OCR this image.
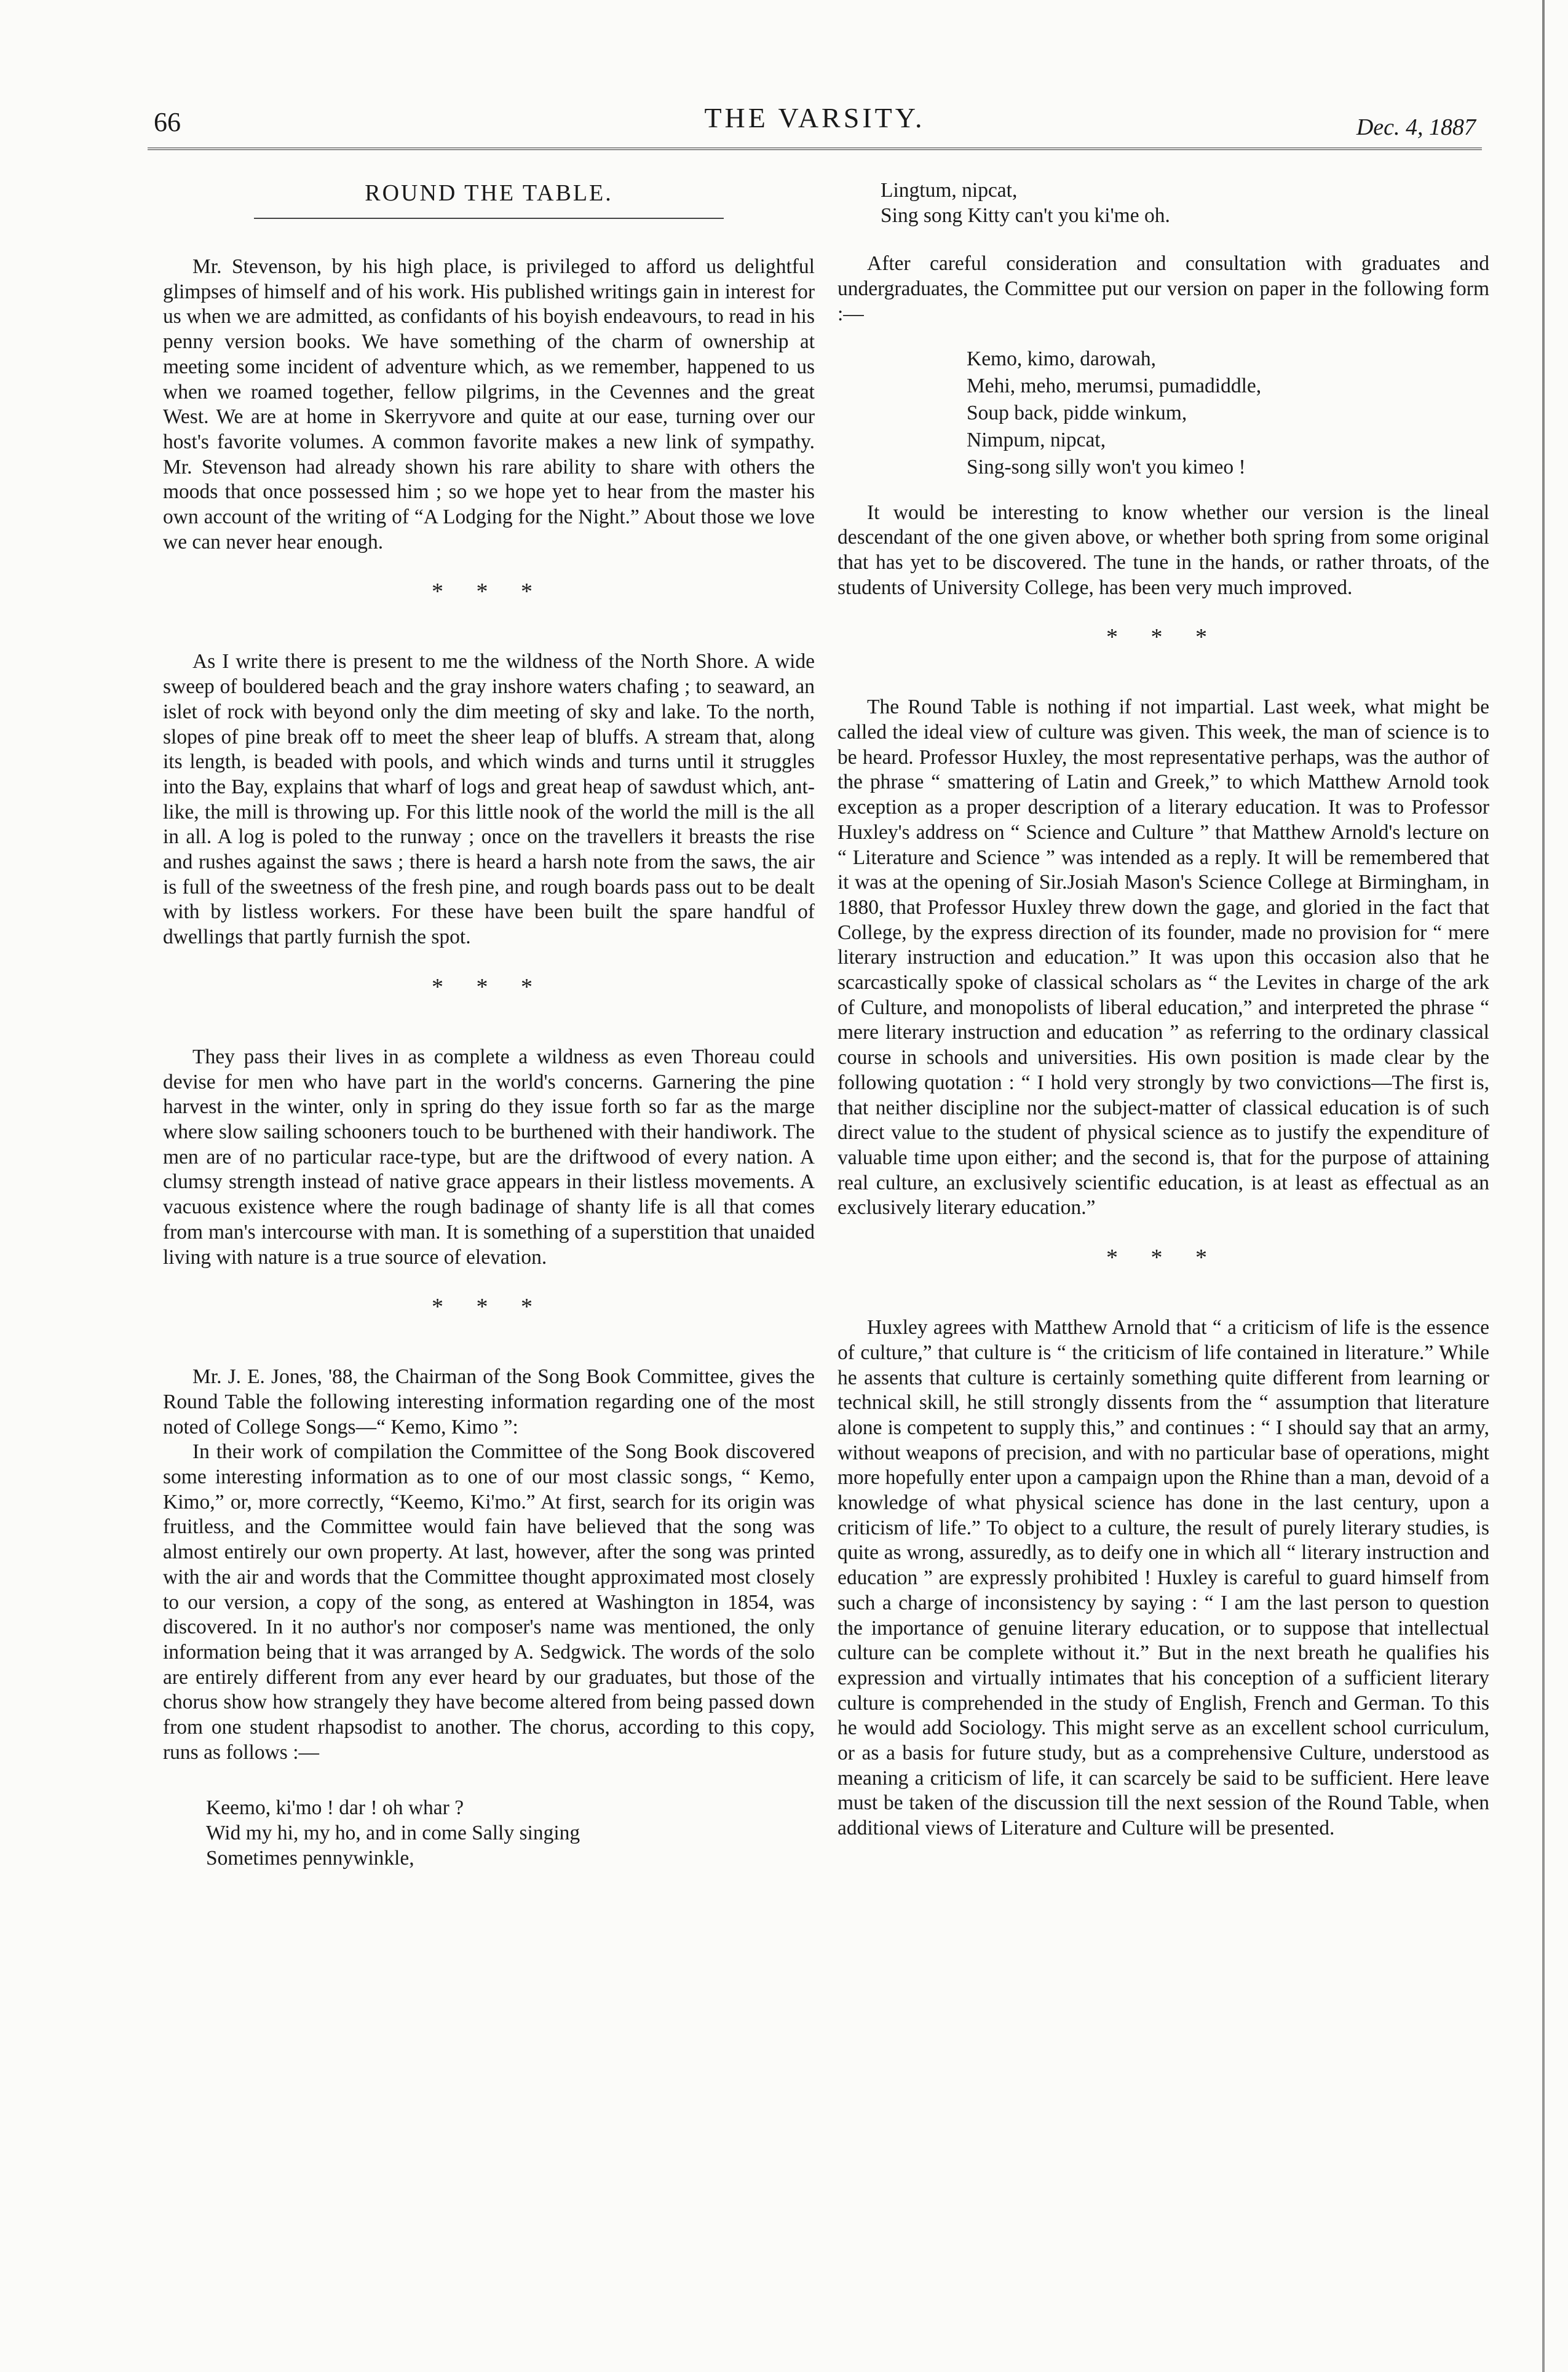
66	THE VARSITY.	Dec. 4, 1887
ROUND THE TABLE.

Mr. Stevenson, by his high place, is privileged to afford us delightful glimpses of himself and of his work. His published writings gain in interest for us when we are admitted, as confidants of his boyish endeavours, to read in his penny version books. We have something of the charm of ownership at meeting some incident of adventure which, as we remember, happened to us when we roamed together, fellow pilgrims, in the Cevennes and the great West. We are at home in Skerryvore and quite at our ease, turning over our host's favorite volumes. A common favorite makes a new link of sympathy. Mr. Stevenson had already shown his rare ability to share with others the moods that once possessed him ; so we hope yet to hear from the master his own account of the writing of “A Lodging for the Night.” About those we love we can never hear enough.

* * *

As I write there is present to me the wildness of the North Shore. A wide sweep of bouldered beach and the gray inshore waters chafing ; to seaward, an islet of rock with beyond only the dim meeting of sky and lake. To the north, slopes of pine break off to meet the sheer leap of bluffs. A stream that, along its length, is beaded with pools, and which winds and turns until it struggles into the Bay, explains that wharf of logs and great heap of sawdust which, ant-like, the mill is throwing up. For this little nook of the world the mill is the all in all. A log is poled to the runway ; once on the travellers it breasts the rise and rushes against the saws ; there is heard a harsh note from the saws, the air is full of the sweetness of the fresh pine, and rough boards pass out to be dealt with by listless workers. For these have been built the spare handful of dwellings that partly furnish the spot.

* * *

They pass their lives in as complete a wildness as even Thoreau could devise for men who have part in the world's concerns. Garnering the pine harvest in the winter, only in spring do they issue forth so far as the marge where slow sailing schooners touch to be burthened with their handiwork. The men are of no particular race-type, but are the driftwood of every nation. A clumsy strength instead of native grace appears in their listless movements. A vacuous existence where the rough badinage of shanty life is all that comes from man's intercourse with man. It is something of a superstition that unaided living with nature is a true source of elevation.

* * *

Mr. J. E. Jones, '88, the Chairman of the Song Book Committee, gives the Round Table the following interesting information regarding one of the most noted of College Songs—“ Kemo, Kimo ”:

In their work of compilation the Committee of the Song Book discovered some interesting information as to one of our most classic songs, “ Kemo, Kimo,” or, more correctly, “Keemo, Ki'mo.” At first, search for its origin was fruitless, and the Committee would fain have believed that the song was almost entirely our own property. At last, however, after the song was printed with the air and words that the Committee thought approximated most closely to our version, a copy of the song, as entered at Washington in 1854, was discovered. In it no author's nor composer's name was mentioned, the only information being that it was arranged by A. Sedgwick. The words of the solo are entirely different from any ever heard by our graduates, but those of the chorus show how strangely they have become altered from being passed down from one student rhapsodist to another. The chorus, according to this copy, runs as follows :—

Keemo, ki'mo ! dar ! oh whar ?
Wid my hi, my ho, and in come Sally singing
Sometimes pennywinkle,
Lingtum, nipcat,
Sing song Kitty can't you ki'me oh.

After careful consideration and consultation with graduates and undergraduates, the Committee put our version on paper in the following form :—

Kemo, kimo, darowah,
Mehi, meho, merumsi, pumadiddle,
Soup back, pidde winkum,
Nimpum, nipcat,
Sing-song silly won't you kimeo !

It would be interesting to know whether our version is the lineal descendant of the one given above, or whether both spring from some original that has yet to be discovered. The tune in the hands, or rather throats, of the students of University College, has been very much improved.

* * *

The Round Table is nothing if not impartial. Last week, what might be called the ideal view of culture was given. This week, the man of science is to be heard. Professor Huxley, the most representative perhaps, was the author of the phrase “ smattering of Latin and Greek,” to which Matthew Arnold took exception as a proper description of a literary education. It was to Professor Huxley's address on “ Science and Culture ” that Matthew Arnold's lecture on “ Literature and Science ” was intended as a reply. It will be remembered that it was at the opening of Sir.Josiah Mason's Science College at Birmingham, in 1880, that Professor Huxley threw down the gage, and gloried in the fact that College, by the express direction of its founder, made no provision for “ mere literary instruction and education.” It was upon this occasion also that he scarcastically spoke of classical scholars as “ the Levites in charge of the ark of Culture, and monopolists of liberal education,” and interpreted the phrase “ mere literary instruction and education ” as referring to the ordinary classical course in schools and universities. His own position is made clear by the following quotation : “ I hold very strongly by two convictions—The first is, that neither discipline nor the subject-matter of classical education is of such direct value to the student of physical science as to justify the expenditure of valuable time upon either; and the second is, that for the purpose of attaining real culture, an exclusively scientific education, is at least as effectual as an exclusively literary education.”

* * *

Huxley agrees with Matthew Arnold that “ a criticism of life is the essence of culture,” that culture is “ the criticism of life contained in literature.” While he assents that culture is certainly something quite different from learning or technical skill, he still strongly dissents from the “ assumption that literature alone is competent to supply this,” and continues : “ I should say that an army, without weapons of precision, and with no particular base of operations, might more hopefully enter upon a campaign upon the Rhine than a man, devoid of a knowledge of what physical science has done in the last century, upon a criticism of life.” To object to a culture, the result of purely literary studies, is quite as wrong, assuredly, as to deify one in which all “ literary instruction and education ” are expressly prohibited ! Huxley is careful to guard himself from such a charge of inconsistency by saying : “ I am the last person to question the importance of genuine literary education, or to suppose that intellectual culture can be complete without it.” But in the next breath he qualifies his expression and virtually intimates that his conception of a sufficient literary culture is comprehended in the study of English, French and German. To this he would add Sociology. This might serve as an excellent school curriculum, or as a basis for future study, but as a comprehensive Culture, understood as meaning a criticism of life, it can scarcely be said to be sufficient. Here leave must be taken of the discussion till the next session of the Round Table, when additional views of Literature and Culture will be presented.
